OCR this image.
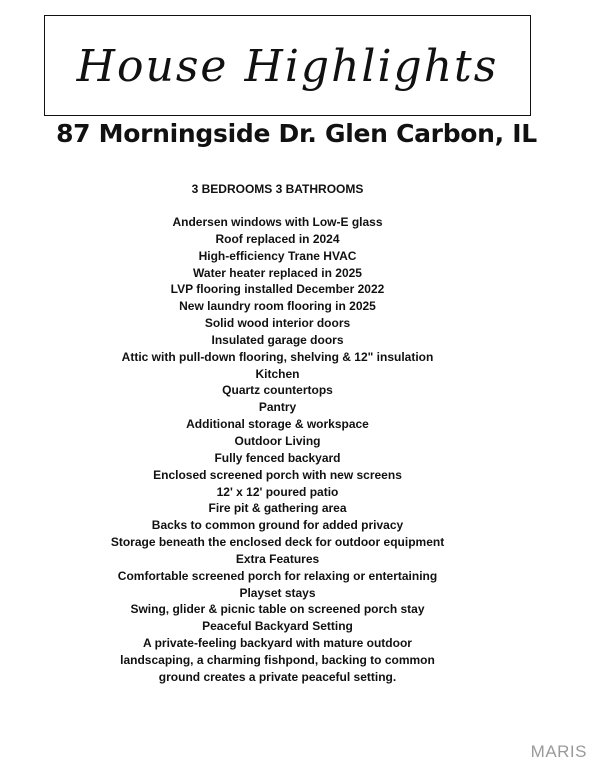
House Highlights
87 Morningside Dr. Glen Carbon, IL
3 BEDROOMS 3 BATHROOMS
Andersen windows with Low-E glass
Roof replaced in 2024
High-efficiency Trane HVAC
Water heater replaced in 2025
LVP flooring installed December 2022
New laundry room flooring in 2025
Solid wood interior doors
Insulated garage doors
Attic with pull-down flooring, shelving & 12" insulation
Kitchen
Quartz countertops
Pantry
Additional storage & workspace
Outdoor Living
Fully fenced backyard
Enclosed screened porch with new screens
12' x 12' poured patio
Fire pit & gathering area
Backs to common ground for added privacy
Storage beneath the enclosed deck for outdoor equipment
Extra Features
Comfortable screened porch for relaxing or entertaining
Playset stays
Swing, glider & picnic table on screened porch stay
Peaceful Backyard Setting
A private-feeling backyard with mature outdoor
landscaping, a charming fishpond, backing to common
ground creates a private peaceful setting.
MARIS
